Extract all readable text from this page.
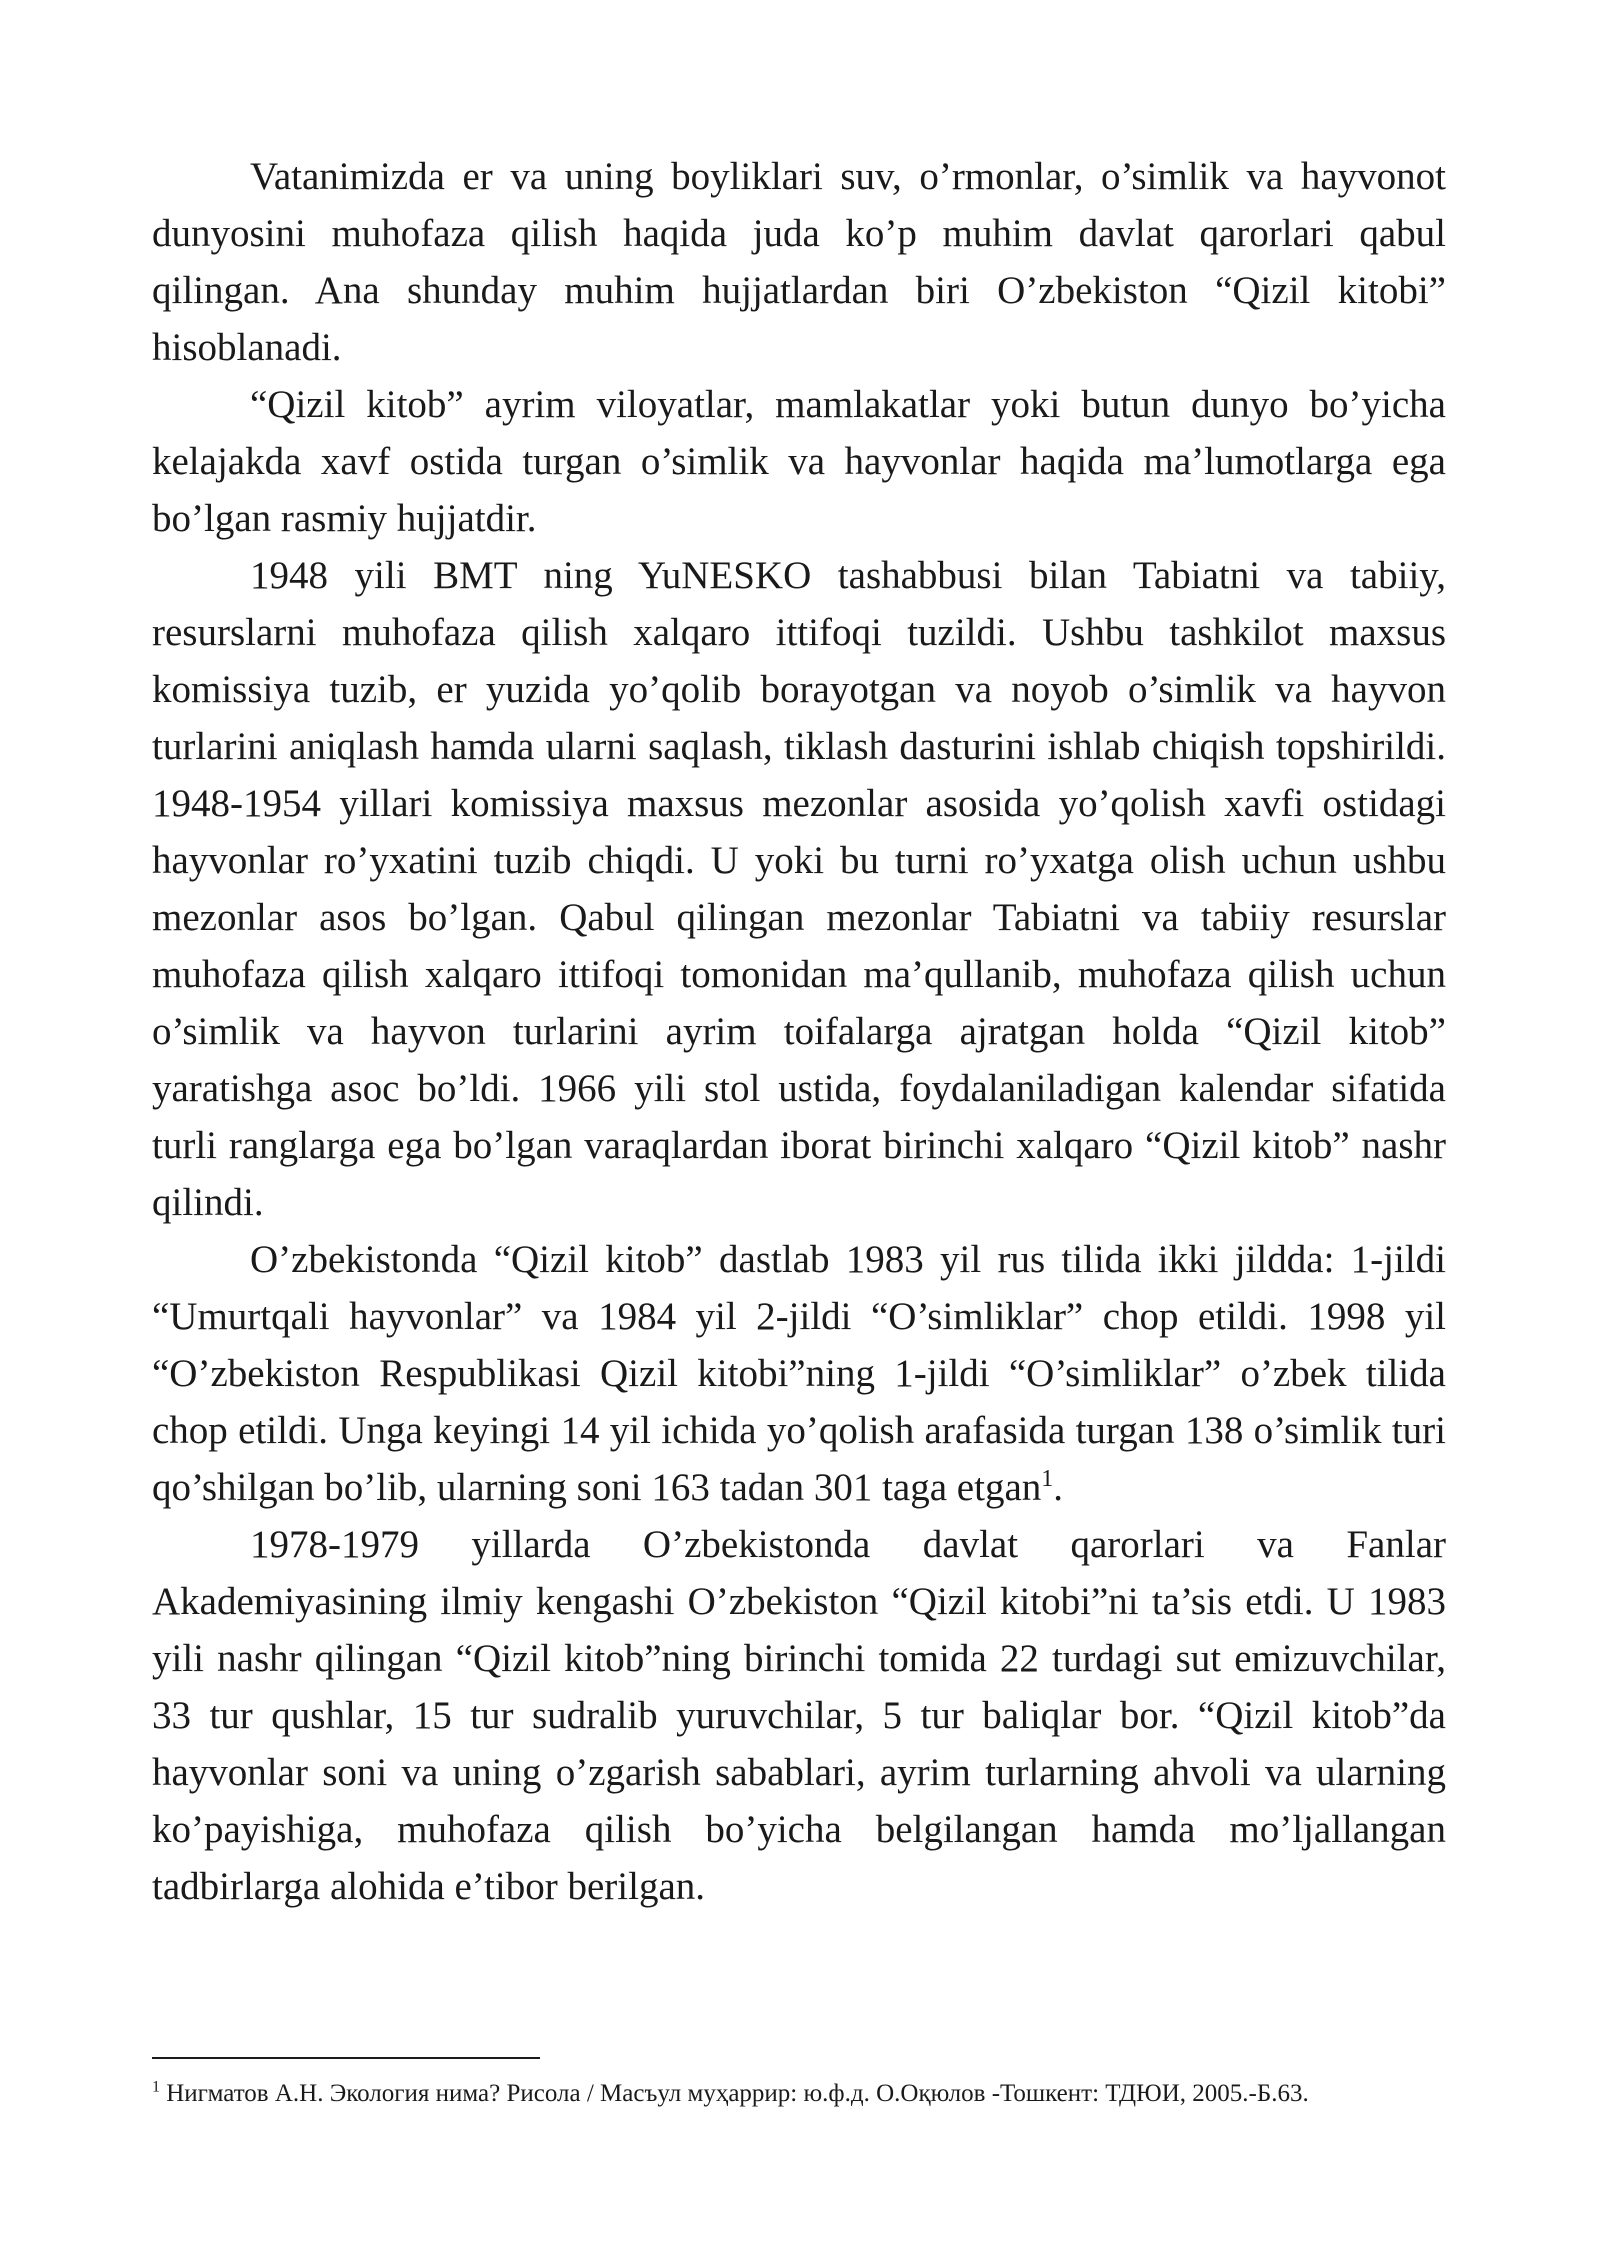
Vatanimizda er va uning boyliklari suv, o’rmonlar, o’simlik va hayvonot dunyosini muhofaza qilish haqida juda ko’p muhim davlat qarorlari qabul qilingan. Ana shunday muhim hujjatlardan biri O’zbekiston “Qizil kitobi” hisoblanadi.

“Qizil kitob” ayrim viloyatlar, mamlakatlar yoki butun dunyo bo’yicha kelajakda xavf ostida turgan o’simlik va hayvonlar haqida ma’lumotlarga ega bo’lgan rasmiy hujjatdir.

1948 yili BMT ning YuNESKO tashabbusi bilan Tabiatni va tabiiy, resurslarni muhofaza qilish xalqaro ittifoqi tuzildi. Ushbu tashkilot maxsus komissiya tuzib, er yuzida yo’qolib borayotgan va noyob o’simlik va hayvon turlarini aniqlash hamda ularni saqlash, tiklash dasturini ishlab chiqish topshirildi. 1948-1954 yillari komissiya maxsus mezonlar asosida yo’qolish xavfi ostidagi hayvonlar ro’yxatini tuzib chiqdi. U yoki bu turni ro’yxatga olish uchun ushbu mezonlar asos bo’lgan. Qabul qilingan mezonlar Tabiatni va tabiiy resurslar muhofaza qilish xalqaro ittifoqi tomonidan ma’qullanib, muhofaza qilish uchun o’simlik va hayvon turlarini ayrim toifalarga ajratgan holda “Qizil kitob” yaratishga asoc bo’ldi. 1966 yili stol ustida, foydalaniladigan kalendar sifatida turli ranglarga ega bo’lgan varaqlardan iborat birinchi xalqaro “Qizil kitob” nashr qilindi.

O’zbekistonda “Qizil kitob” dastlab 1983 yil rus tilida ikki jildda: 1-jildi “Umurtqali hayvonlar” va 1984 yil 2-jildi “O’simliklar” chop etildi. 1998 yil “O’zbekiston Respublikasi Qizil kitobi”ning 1-jildi “O’simliklar” o’zbek tilida chop etildi. Unga keyingi 14 yil ichida yo’qolish arafasida turgan 138 o’simlik turi qo’shilgan bo’lib, ularning soni 163 tadan 301 taga etgan$^1$.

1978-1979 yillarda O’zbekistonda davlat qarorlari va Fanlar Akademiyasining ilmiy kengashi O’zbekiston “Qizil kitobi”ni ta’sis etdi. U 1983 yili nashr qilingan “Qizil kitob”ning birinchi tomida 22 turdagi sut emizuvchilar, 33 tur qushlar, 15 tur sudralib yuruvchilar, 5 tur baliqlar bor. “Qizil kitob”da hayvonlar soni va uning o’zgarish sabablari, ayrim turlarning ahvoli va ularning ko’payishiga, muhofaza qilish bo’yicha belgilangan hamda mo’ljallangan tadbirlarga alohida e’tibor berilgan.

$^1$ Нигматов А.Н. Экология нима? Рисола / Масъул муҳаррир: ю.ф.д. О.Оқюлов -Тошкент: ТДЮИ, 2005.-Б.63.
